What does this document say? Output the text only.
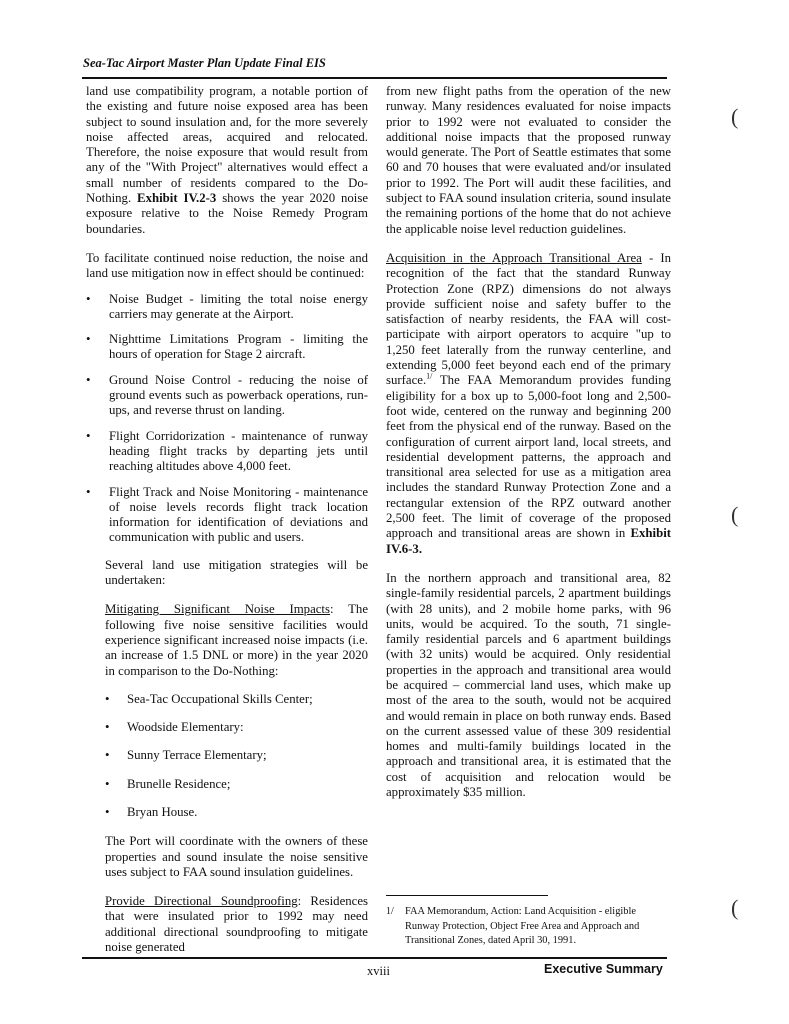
Sea-Tac Airport Master Plan Update Final EIS

land use compatibility program, a notable portion of the existing and future noise exposed area has been subject to sound insulation and, for the more severely noise affected areas, acquired and relocated. Therefore, the noise exposure that would result from any of the "With Project" alternatives would effect a small number of residents compared to the Do-Nothing. Exhibit IV.2-3 shows the year 2020 noise exposure relative to the Noise Remedy Program boundaries.

To facilitate continued noise reduction, the noise and land use mitigation now in effect should be continued:

• Noise Budget - limiting the total noise energy carriers may generate at the Airport.
• Nighttime Limitations Program - limiting the hours of operation for Stage 2 aircraft.
• Ground Noise Control - reducing the noise of ground events such as powerback operations, run-ups, and reverse thrust on landing.
• Flight Corridorization - maintenance of runway heading flight tracks by departing jets until reaching altitudes above 4,000 feet.
• Flight Track and Noise Monitoring - maintenance of noise levels records flight track location information for identification of deviations and communication with public and users.

Several land use mitigation strategies will be undertaken:

Mitigating Significant Noise Impacts: The following five noise sensitive facilities would experience significant increased noise impacts (i.e. an increase of 1.5 DNL or more) in the year 2020 in comparison to the Do-Nothing:

• Sea-Tac Occupational Skills Center;
• Woodside Elementary:
• Sunny Terrace Elementary;
• Brunelle Residence;
• Bryan House.

The Port will coordinate with the owners of these properties and sound insulate the noise sensitive uses subject to FAA sound insulation guidelines.

Provide Directional Soundproofing: Residences that were insulated prior to 1992 may need additional directional soundproofing to mitigate noise generated

from new flight paths from the operation of the new runway. Many residences evaluated for noise impacts prior to 1992 were not evaluated to consider the additional noise impacts that the proposed runway would generate. The Port of Seattle estimates that some 60 and 70 houses that were evaluated and/or insulated prior to 1992. The Port will audit these facilities, and subject to FAA sound insulation criteria, sound insulate the remaining portions of the home that do not achieve the applicable noise level reduction guidelines.

Acquisition in the Approach Transitional Area - In recognition of the fact that the standard Runway Protection Zone (RPZ) dimensions do not always provide sufficient noise and safety buffer to the satisfaction of nearby residents, the FAA will cost-participate with airport operators to acquire "up to 1,250 feet laterally from the runway centerline, and extending 5,000 feet beyond each end of the primary surface.$^{1/}$ The FAA Memorandum provides funding eligibility for a box up to 5,000-foot long and 2,500-foot wide, centered on the runway and beginning 200 feet from the physical end of the runway. Based on the configuration of current airport land, local streets, and residential development patterns, the approach and transitional area selected for use as a mitigation area includes the standard Runway Protection Zone and a rectangular extension of the RPZ outward another 2,500 feet. The limit of coverage of the proposed approach and transitional areas are shown in Exhibit IV.6-3.

In the northern approach and transitional area, 82 single-family residential parcels, 2 apartment buildings (with 28 units), and 2 mobile home parks, with 96 units, would be acquired. To the south, 71 single-family residential parcels and 6 apartment buildings (with 32 units) would be acquired. Only residential properties in the approach and transitional area would be acquired – commercial land uses, which make up most of the area to the south, would not be acquired and would remain in place on both runway ends. Based on the current assessed value of these 309 residential homes and multi-family buildings located in the approach and transitional area, it is estimated that the cost of acquisition and relocation would be approximately $35 million.

1/ FAA Memorandum, Action: Land Acquisition - eligible Runway Protection, Object Free Area and Approach and Transitional Zones, dated April 30, 1991.
xviii	Executive Summary
(
(
(
